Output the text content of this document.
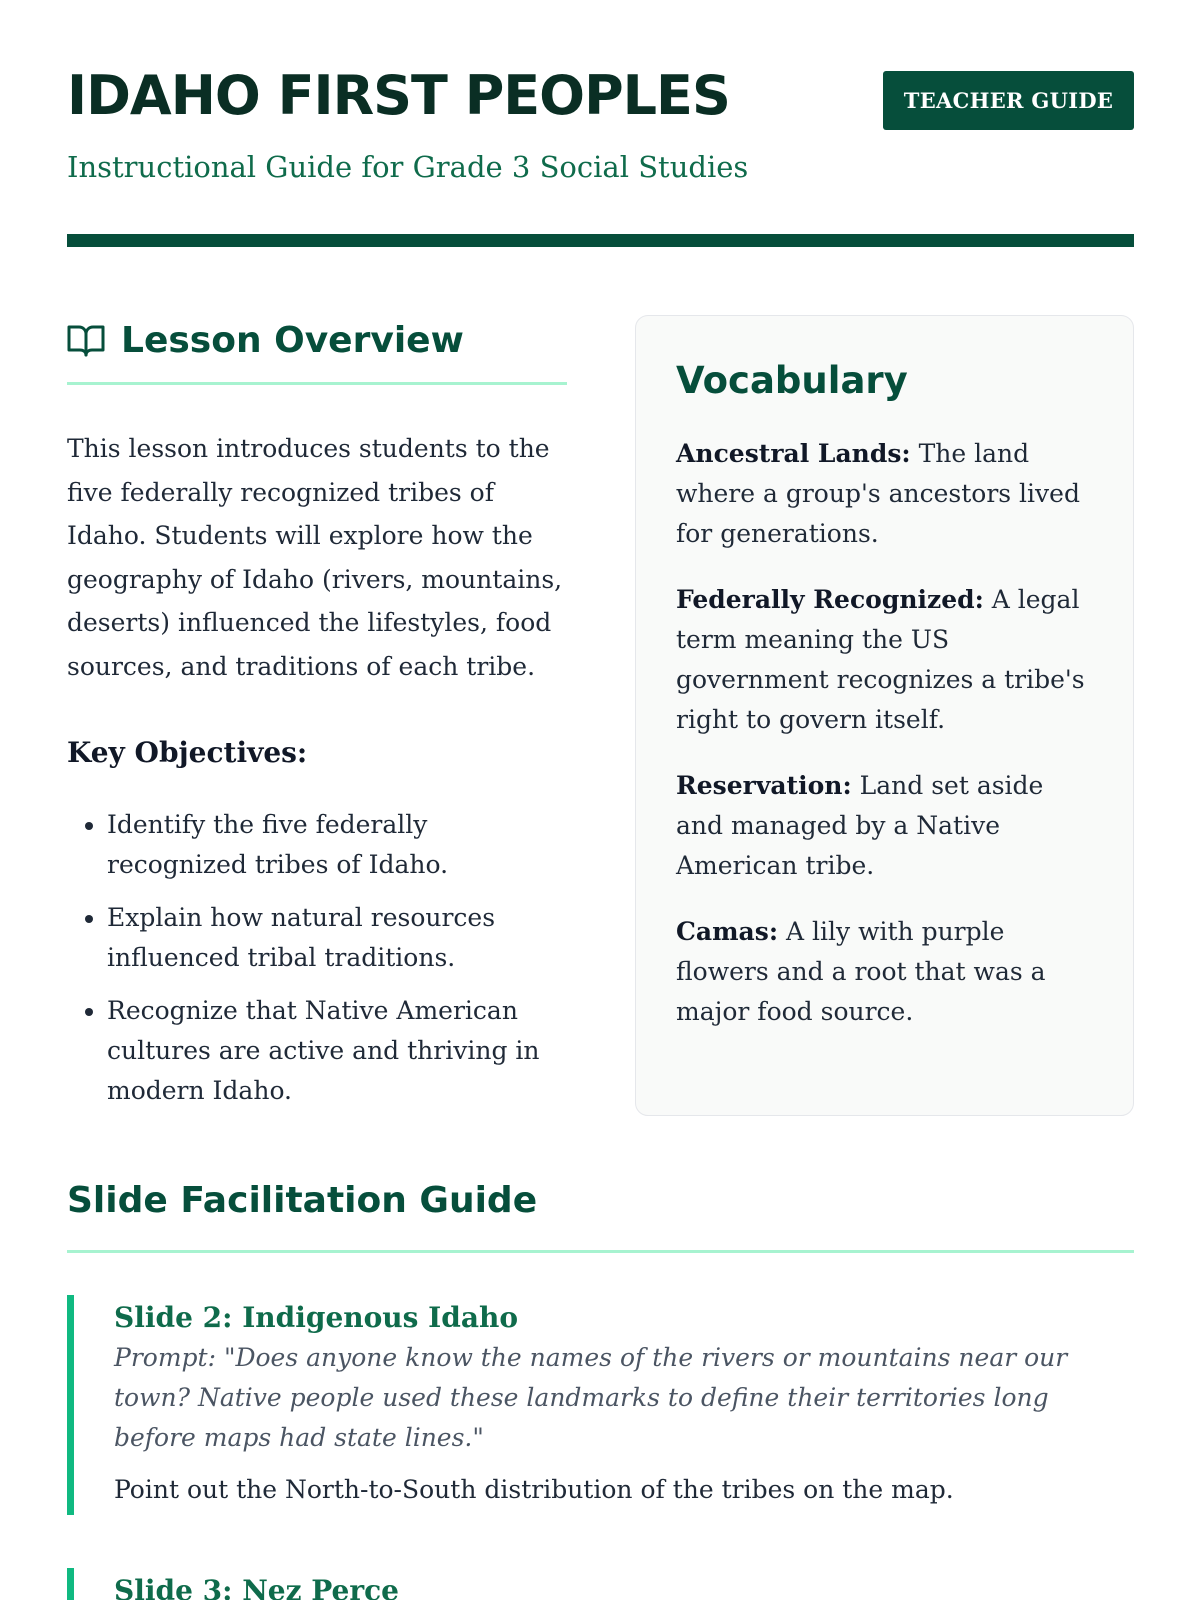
IDAHO FIRST PEOPLES	TEACHER GUIDE

Instructional Guide for Grade 3 Social Studies

Lesson Overview

This lesson introduces students to the five federally recognized tribes of Idaho. Students will explore how the geography of Idaho (rivers, mountains, deserts) influenced the lifestyles, food sources, and traditions of each tribe.

Key Objectives:
• Identify the five federally recognized tribes of Idaho.
• Explain how natural resources influenced tribal traditions.
• Recognize that Native American cultures are active and thriving in modern Idaho.
Vocabulary

Ancestral Lands: The land where a group's ancestors lived for generations.

Federally Recognized: A legal term meaning the US government recognizes a tribe's right to govern itself.

Reservation: Land set aside and managed by a Native American tribe.

Camas: A lily with purple flowers and a root that was a major food source.

Slide Facilitation Guide
Slide 2: Indigenous Idaho

Prompt: "Does anyone know the names of the rivers or mountains near our town? Native people used these landmarks to define their territories long before maps had state lines."

Point out the North-to-South distribution of the tribes on the map.

Slide 3: Nez Perce
